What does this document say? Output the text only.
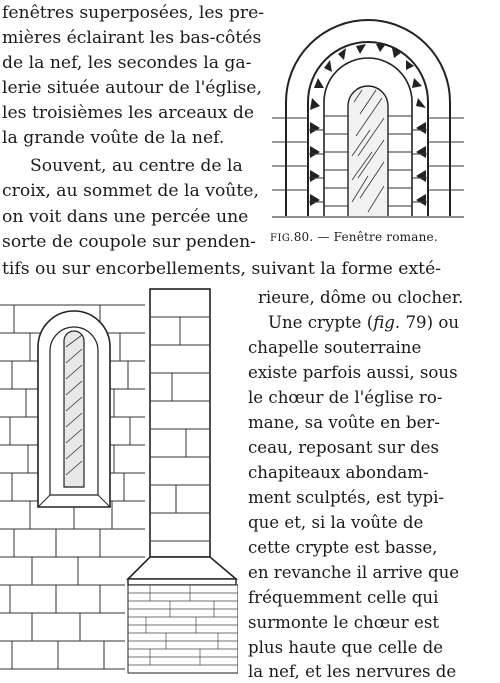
fenêtres superposées, les pre-
mières éclairant les bas-côtés
de la nef, les secondes la ga-
lerie située autour de l'église,
les troisièmes les arceaux de
la grande voûte de la nef.
Souvent, au centre de la
croix, au sommet de la voûte,
on voit dans une percée une
sorte de coupole sur penden-
tifs ou sur encorbellements, suivant la forme exté-
FIG.80. — Fenêtre romane.
rieure, dôme ou clocher.
Une crypte (fig. 79) ou
chapelle souterraine
existe parfois aussi, sous
le chœur de l'église ro-
mane, sa voûte en ber-
ceau, reposant sur des
chapiteaux abondam-
ment sculptés, est typi-
que et, si la voûte de
cette crypte est basse,
en revanche il arrive que
fréquemment celle qui
surmonte le chœur est
plus haute que celle de
la nef, et les nervures de
